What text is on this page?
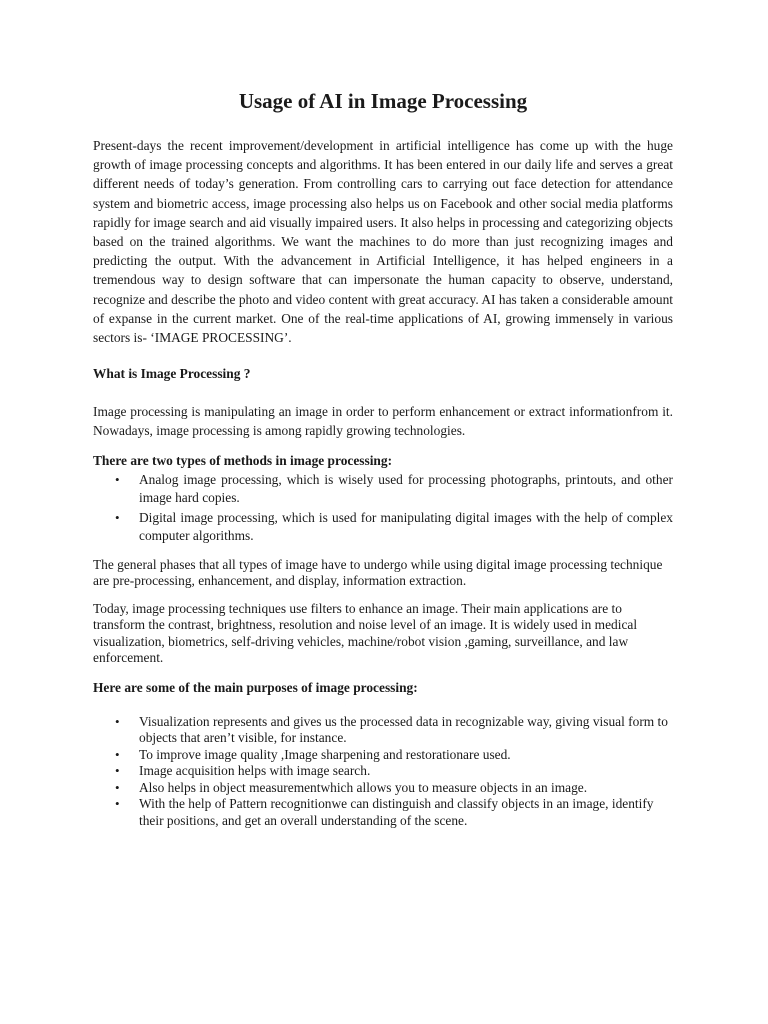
Usage of AI in Image Processing

Present-days the recent improvement/development in artificial intelligence has come up with the huge growth of image processing concepts and algorithms. It has been entered in our daily life and serves a great different needs of today’s generation. From controlling cars to carrying out face detection for attendance system and biometric access, image processing also helps us on Facebook and other social media platforms rapidly for image search and aid visually impaired users. It also helps in processing and categorizing objects based on the trained algorithms. We want the machines to do more than just recognizing images and predicting the output. With the advancement in Artificial Intelligence, it has helped engineers in a tremendous way to design software that can impersonate the human capacity to observe, understand, recognize and describe the photo and video content with great accuracy. AI has taken a considerable amount of expanse in the current market. One of the real-time applications of AI, growing immensely in various sectors is- ‘IMAGE PROCESSING’.

What is Image Processing ?

Image processing is manipulating an image in order to perform enhancement or extract informationfrom it. Nowadays, image processing is among rapidly growing technologies.

There are two types of methods in image processing:

• Analog image processing, which is wisely used for processing photographs, printouts, and other image hard copies.
• Digital image processing, which is used for manipulating digital images with the help of complex computer algorithms.

The general phases that all types of image have to undergo while using digital image processing technique are pre-processing, enhancement, and display, information extraction.

Today, image processing techniques use filters to enhance an image. Their main applications are to transform the contrast, brightness, resolution and noise level of an image. It is widely used in medical visualization, biometrics, self-driving vehicles, machine/robot vision ,gaming, surveillance, and law enforcement.

Here are some of the main purposes of image processing:

• Visualization represents and gives us the processed data in recognizable way, giving visual form to objects that aren’t visible, for instance.
• To improve image quality ,Image sharpening and restorationare used.
• Image acquisition helps with image search.
• Also helps in object measurementwhich allows you to measure objects in an image.
• With the help of Pattern recognitionwe can distinguish and classify objects in an image, identify their positions, and get an overall understanding of the scene.
